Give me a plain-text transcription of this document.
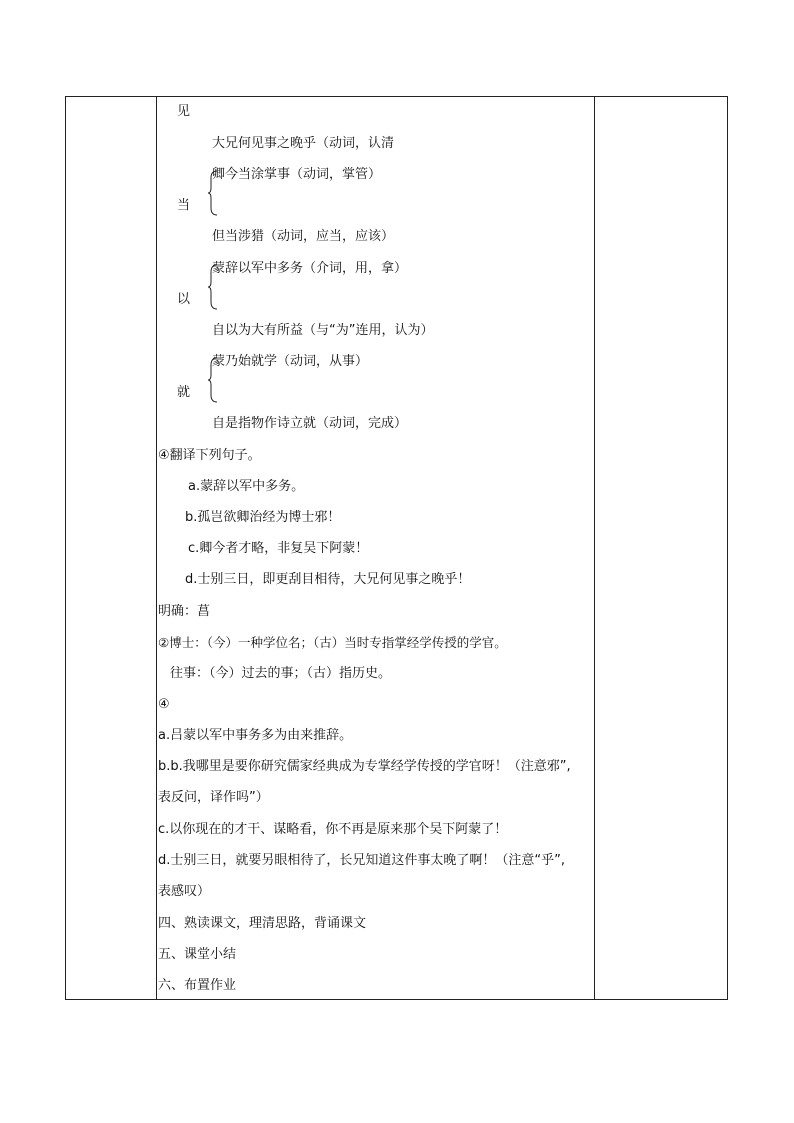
见
大兄何见事之晚乎（动词，认清
卿今当涂掌事（动词，掌管）
当
但当涉猎（动词，应当，应该）
蒙辞以军中多务（介词，用，拿）
以
自以为大有所益（与“为”连用，认为）
蒙乃始就学（动词，从事）
就
自是指物作诗立就（动词，完成）
④翻译下列句子。
a.蒙辞以军中多务。
b.孤岂欲卿治经为博士邪！
c.卿今者才略，非复吴下阿蒙！
d.士别三日，即更刮目相待，大兄何见事之晚乎！
明确：菖
②博士：（今）一种学位名；（古）当时专指掌经学传授的学官。
往事：（今）过去的事；（古）指历史。
④
a.吕蒙以军中事务多为由来推辞。
b.b.我哪里是要你研究儒家经典成为专掌经学传授的学官呀！（注意邪”,
表反问，译作吗”）
c.以你现在的才干、谋略看，你不再是原来那个吴下阿蒙了！
d.士别三日，就要另眼相待了，长兄知道这件事太晚了啊！（注意“乎”,
表感叹）
四、熟读课文，理清思路，背诵课文
五、课堂小结
六、布置作业
